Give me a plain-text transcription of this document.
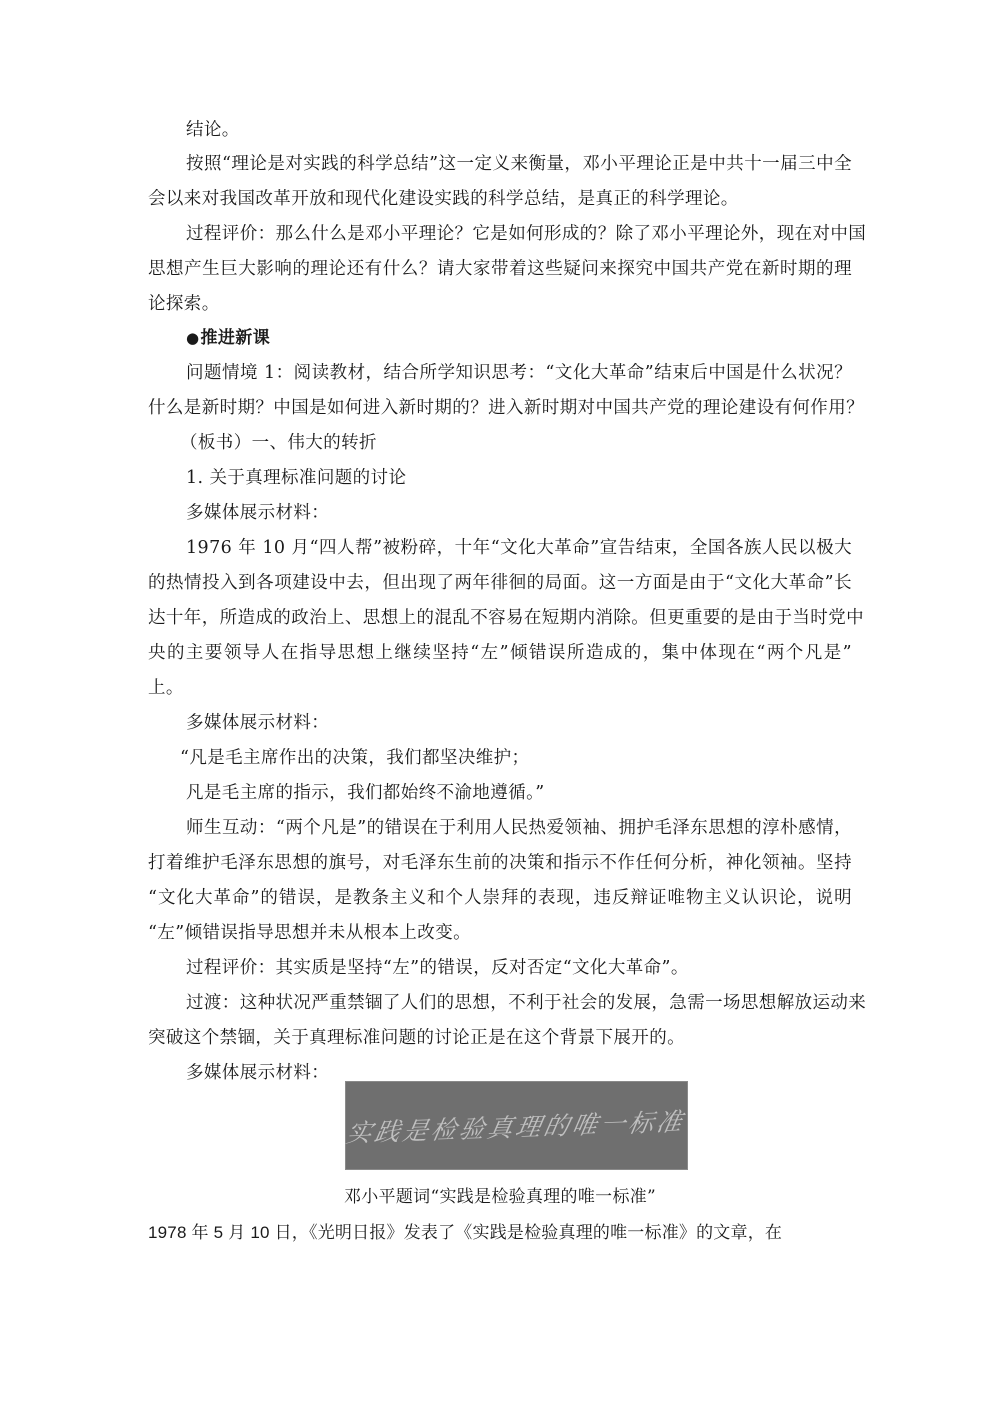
结论。
按照“理论是对实践的科学总结”这一定义来衡量，邓小平理论正是中共十一届三中全
会以来对我国改革开放和现代化建设实践的科学总结，是真正的科学理论。
过程评价：那么什么是邓小平理论？它是如何形成的？除了邓小平理论外，现在对中国
思想产生巨大影响的理论还有什么？请大家带着这些疑问来探究中国共产党在新时期的理
论探索。
●推进新课
问题情境 1：阅读教材，结合所学知识思考：“文化大革命”结束后中国是什么状况？
什么是新时期？中国是如何进入新时期的？进入新时期对中国共产党的理论建设有何作用？
（板书）一、伟大的转折
1. 关于真理标准问题的讨论
多媒体展示材料：
1976 年 10 月“四人帮”被粉碎，十年“文化大革命”宣告结束，全国各族人民以极大
的热情投入到各项建设中去，但出现了两年徘徊的局面。这一方面是由于“文化大革命”长
达十年，所造成的政治上、思想上的混乱不容易在短期内消除。但更重要的是由于当时党中
央的主要领导人在指导思想上继续坚持“左”倾错误所造成的，集中体现在“两个凡是”
上。
多媒体展示材料：
“凡是毛主席作出的决策，我们都坚决维护；
凡是毛主席的指示，我们都始终不渝地遵循。”
师生互动：“两个凡是”的错误在于利用人民热爱领袖、拥护毛泽东思想的淳朴感情，
打着维护毛泽东思想的旗号，对毛泽东生前的决策和指示不作任何分析，神化领袖。坚持
“文化大革命”的错误，是教条主义和个人崇拜的表现，违反辩证唯物主义认识论，说明
“左”倾错误指导思想并未从根本上改变。
过程评价：其实质是坚持“左”的错误，反对否定“文化大革命”。
过渡：这种状况严重禁锢了人们的思想，不利于社会的发展，急需一场思想解放运动来
突破这个禁锢，关于真理标准问题的讨论正是在这个背景下展开的。
多媒体展示材料：
邓小平题词“实践是检验真理的唯一标准”
1978 年 5 月 10 日，《光明日报》发表了《实践是检验真理的唯一标准》的文章，在
实践是检验真理的唯一标准
